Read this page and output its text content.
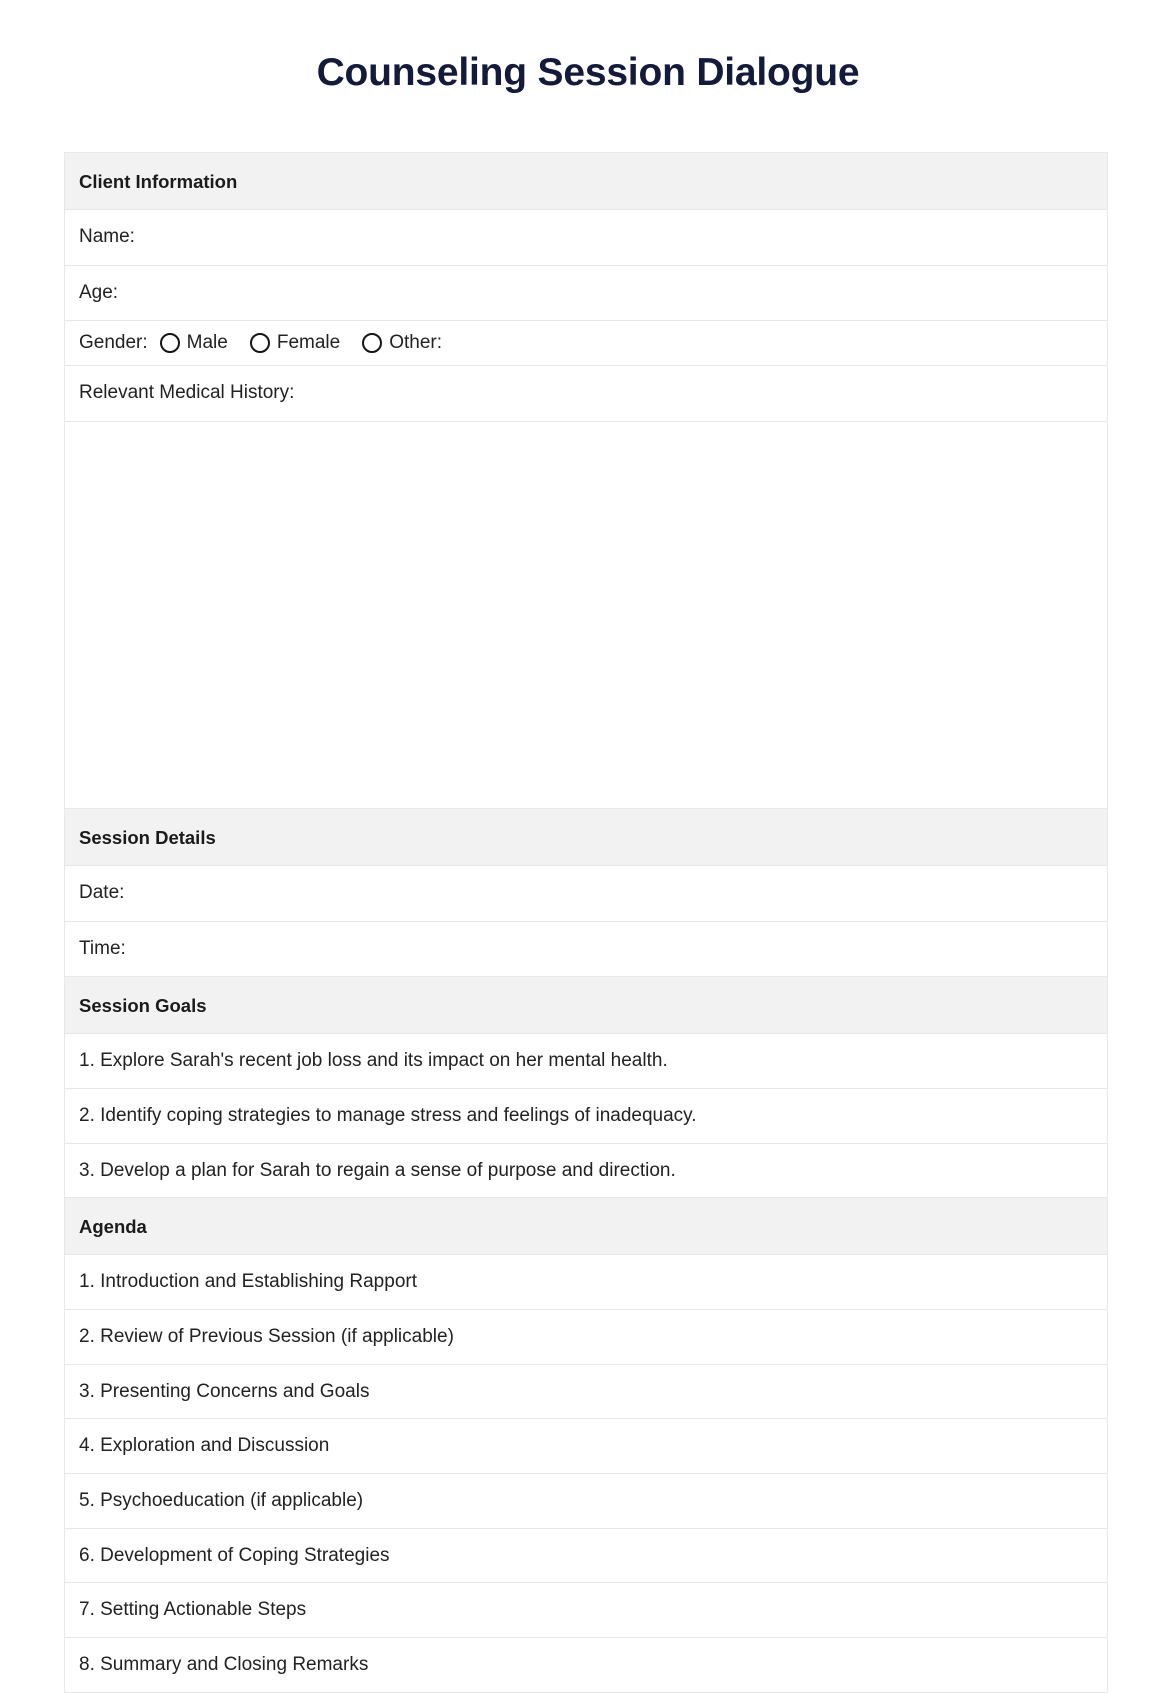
Counseling Session Dialogue
Client Information

Name:

Age:

Gender: Male	Female	Other:

Relevant Medical History:

Session Details

Date:

Time:

Session Goals

1. Explore Sarah's recent job loss and its impact on her mental health.

2. Identify coping strategies to manage stress and feelings of inadequacy.

3. Develop a plan for Sarah to regain a sense of purpose and direction.

Agenda

1. Introduction and Establishing Rapport

2. Review of Previous Session (if applicable)

3. Presenting Concerns and Goals

4. Exploration and Discussion

5. Psychoeducation (if applicable)

6. Development of Coping Strategies

7. Setting Actionable Steps

8. Summary and Closing Remarks
